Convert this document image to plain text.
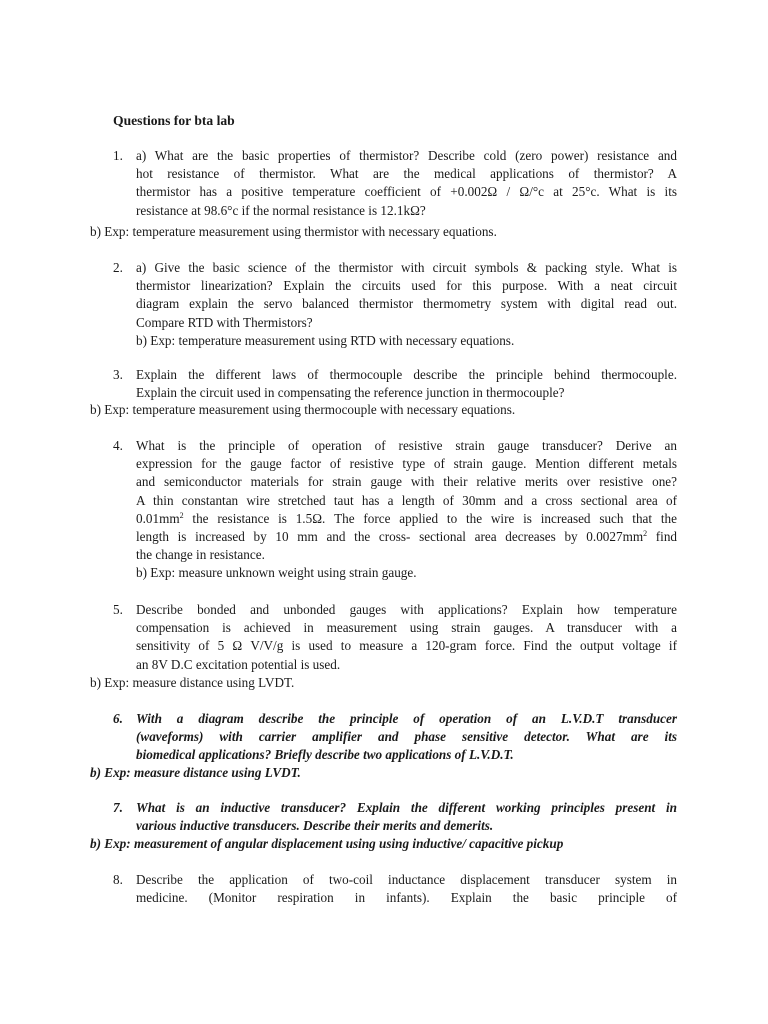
Questions for bta lab
1. a) What are the basic properties of thermistor? Describe cold (zero power) resistance and
hot resistance of thermistor. What are the medical applications of thermistor? A
thermistor has a positive temperature coefficient of +0.002Ω / Ω/°c at 25°c. What is its
resistance at 98.6°c if the normal resistance is 12.1kΩ?
b) Exp: temperature measurement using thermistor with necessary equations.
2. a) Give the basic science of the thermistor with circuit symbols & packing style. What is
thermistor linearization? Explain the circuits used for this purpose. With a neat circuit
diagram explain the servo balanced thermistor thermometry system with digital read out.
Compare RTD with Thermistors?
b) Exp: temperature measurement using RTD with necessary equations.
3. Explain the different laws of thermocouple describe the principle behind thermocouple.
Explain the circuit used in compensating the reference junction in thermocouple?
b) Exp: temperature measurement using thermocouple with necessary equations.
4. What is the principle of operation of resistive strain gauge transducer? Derive an
expression for the gauge factor of resistive type of strain gauge. Mention different metals
and semiconductor materials for strain gauge with their relative merits over resistive one?
A thin constantan wire stretched taut has a length of 30mm and a cross sectional area of
$0.01mm^2$ the resistance is 1.5Ω. The force applied to the wire is increased such that the
length is increased by 10 mm and the cross- sectional area decreases by $0.0027mm^2$ find
the change in resistance.
b) Exp: measure unknown weight using strain gauge.
5. Describe bonded and unbonded gauges with applications? Explain how temperature
compensation is achieved in measurement using strain gauges. A transducer with a
sensitivity of 5 Ω V/V/g is used to measure a 120-gram force. Find the output voltage if
an 8V D.C excitation potential is used.
b) Exp: measure distance using LVDT.
6. With a diagram describe the principle of operation of an L.V.D.T transducer
(waveforms) with carrier amplifier and phase sensitive detector. What are its
biomedical applications? Briefly describe two applications of L.V.D.T.
b) Exp: measure distance using LVDT.
7. What is an inductive transducer? Explain the different working principles present in
various inductive transducers. Describe their merits and demerits.
b) Exp: measurement of angular displacement using using inductive/ capacitive pickup
8. Describe the application of two-coil inductance displacement transducer system in
medicine. (Monitor respiration in infants). Explain the basic principle of
